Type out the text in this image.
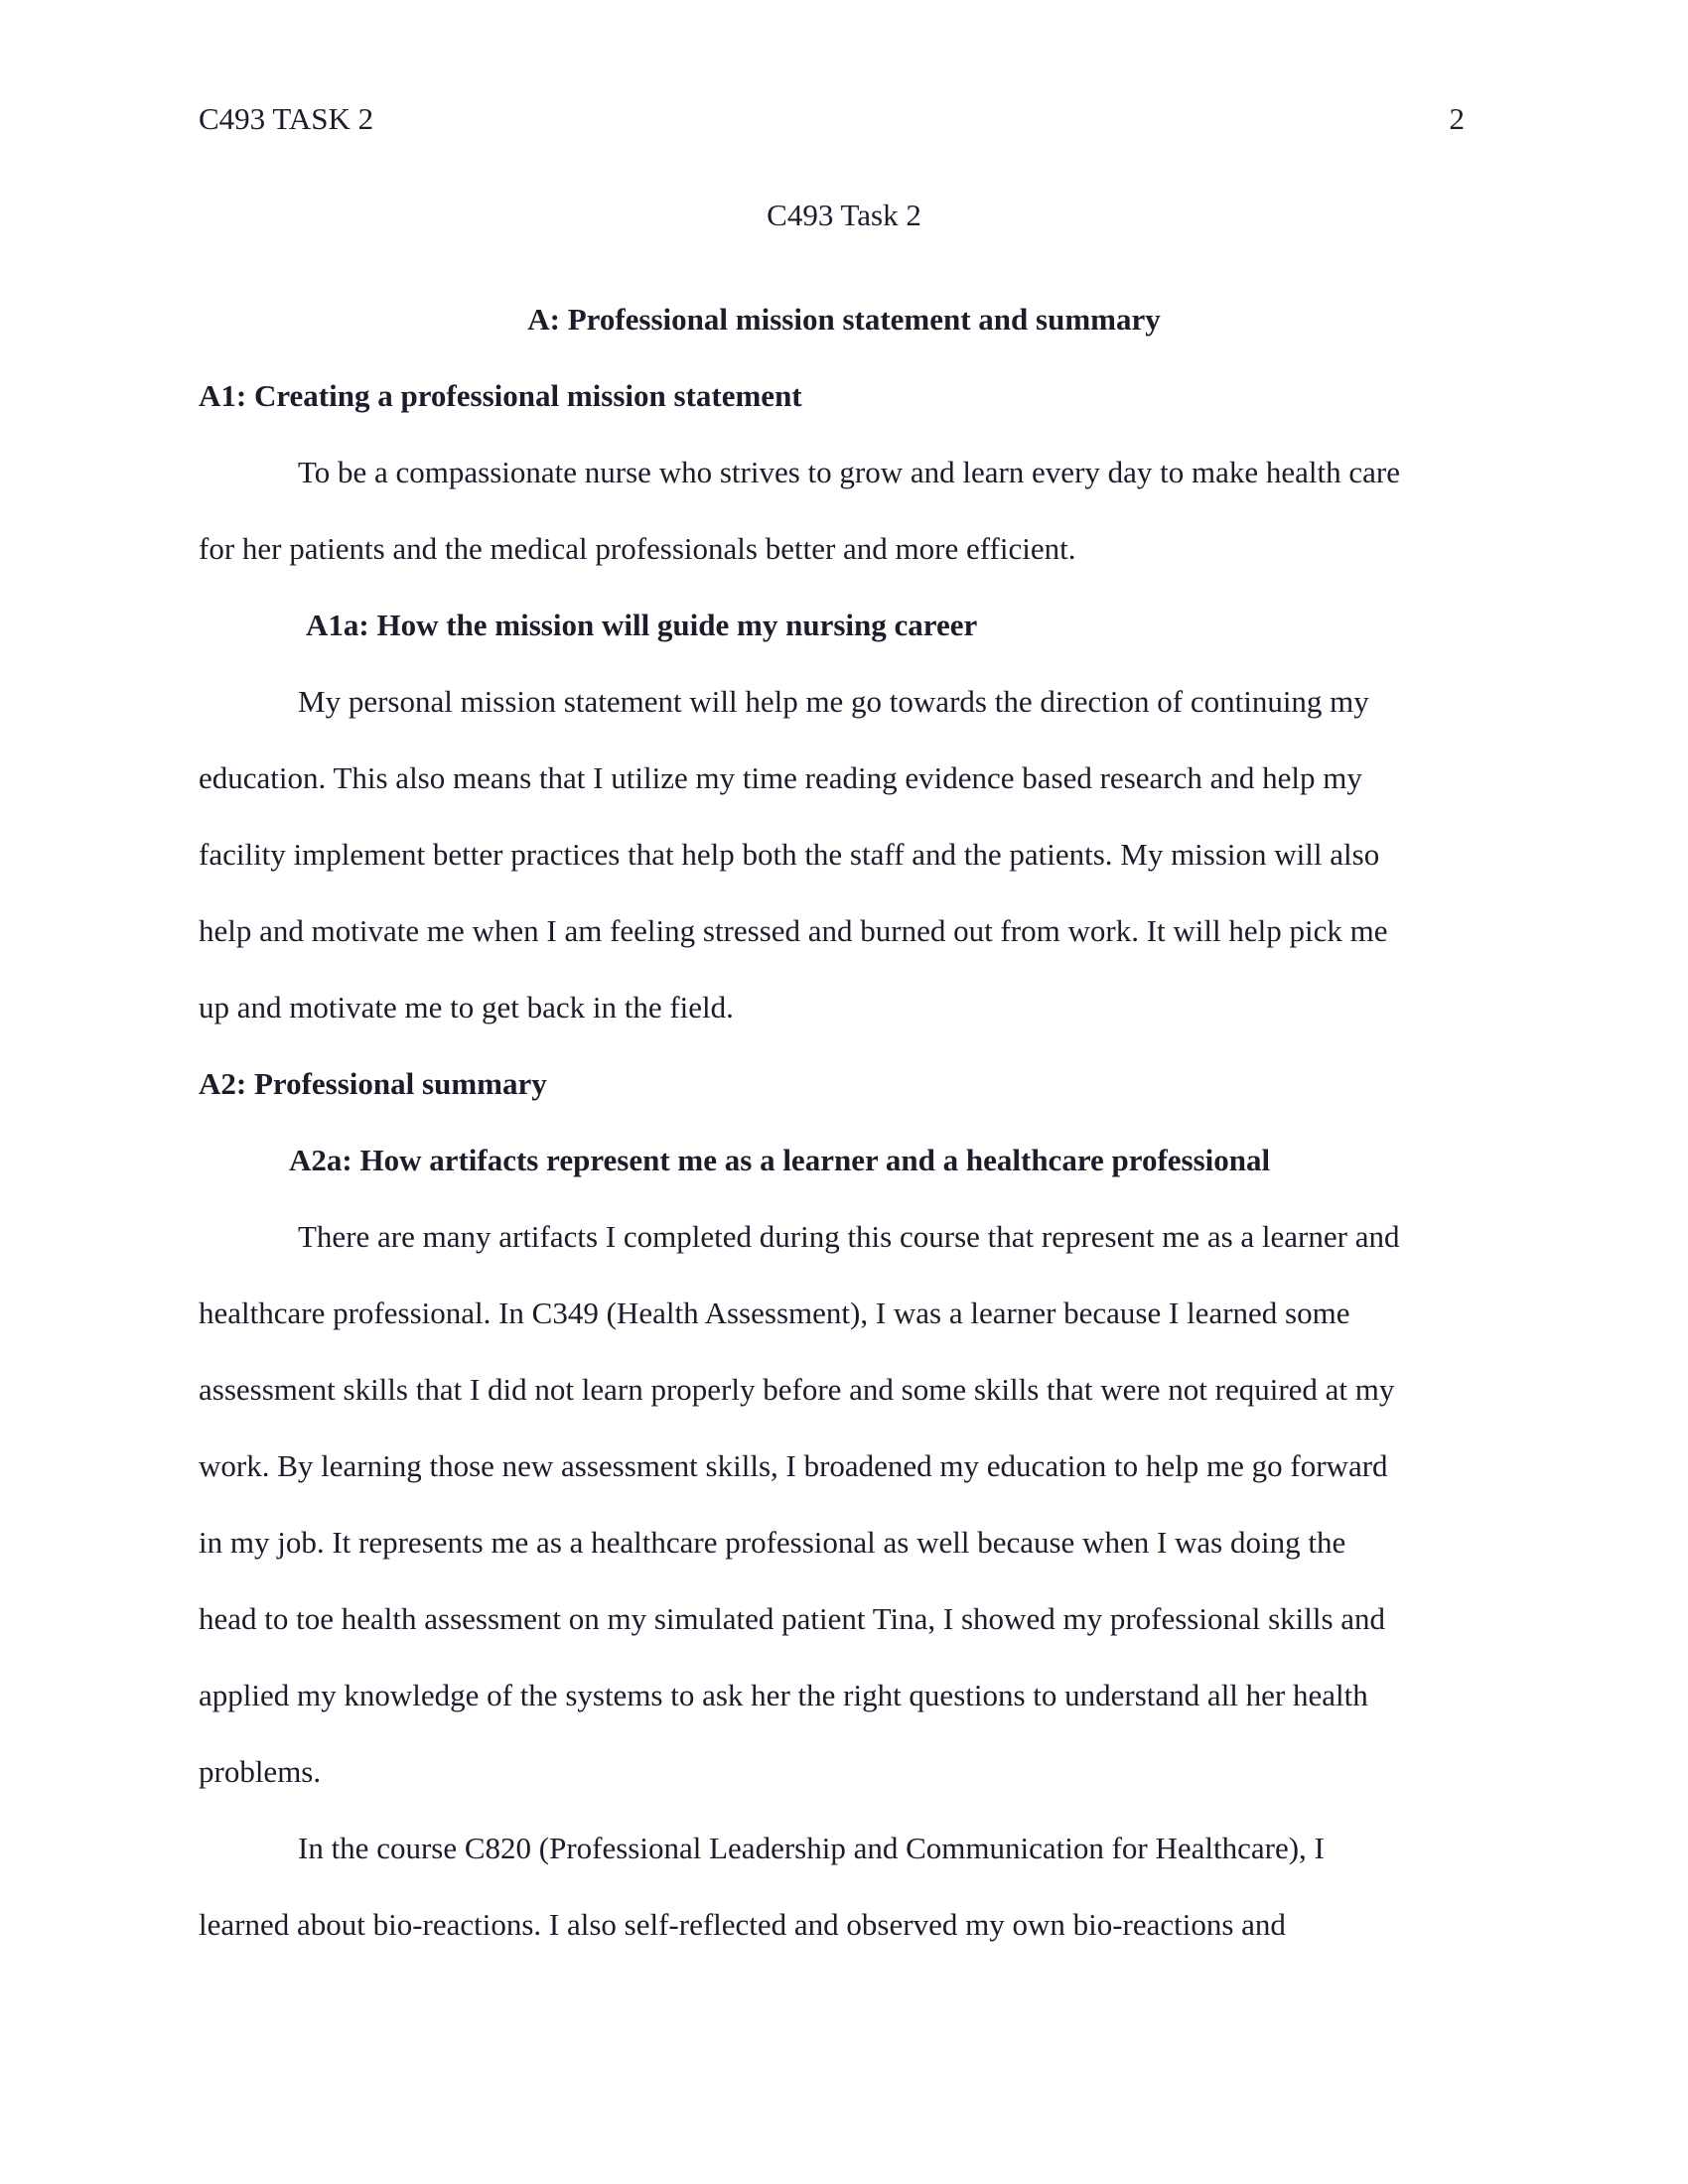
C493 TASK 2	2
C493 Task 2
A: Professional mission statement and summary
A1: Creating a professional mission statement
To be a compassionate nurse who strives to grow and learn every day to make health care
for her patients and the medical professionals better and more efficient.
A1a: How the mission will guide my nursing career
My personal mission statement will help me go towards the direction of continuing my
education. This also means that I utilize my time reading evidence based research and help my
facility implement better practices that help both the staff and the patients. My mission will also
help and motivate me when I am feeling stressed and burned out from work. It will help pick me
up and motivate me to get back in the field.
A2: Professional summary
A2a: How artifacts represent me as a learner and a healthcare professional
There are many artifacts I completed during this course that represent me as a learner and
healthcare professional. In C349 (Health Assessment), I was a learner because I learned some
assessment skills that I did not learn properly before and some skills that were not required at my
work. By learning those new assessment skills, I broadened my education to help me go forward
in my job. It represents me as a healthcare professional as well because when I was doing the
head to toe health assessment on my simulated patient Tina, I showed my professional skills and
applied my knowledge of the systems to ask her the right questions to understand all her health
problems.
In the course C820 (Professional Leadership and Communication for Healthcare), I
learned about bio-reactions. I also self-reflected and observed my own bio-reactions and
